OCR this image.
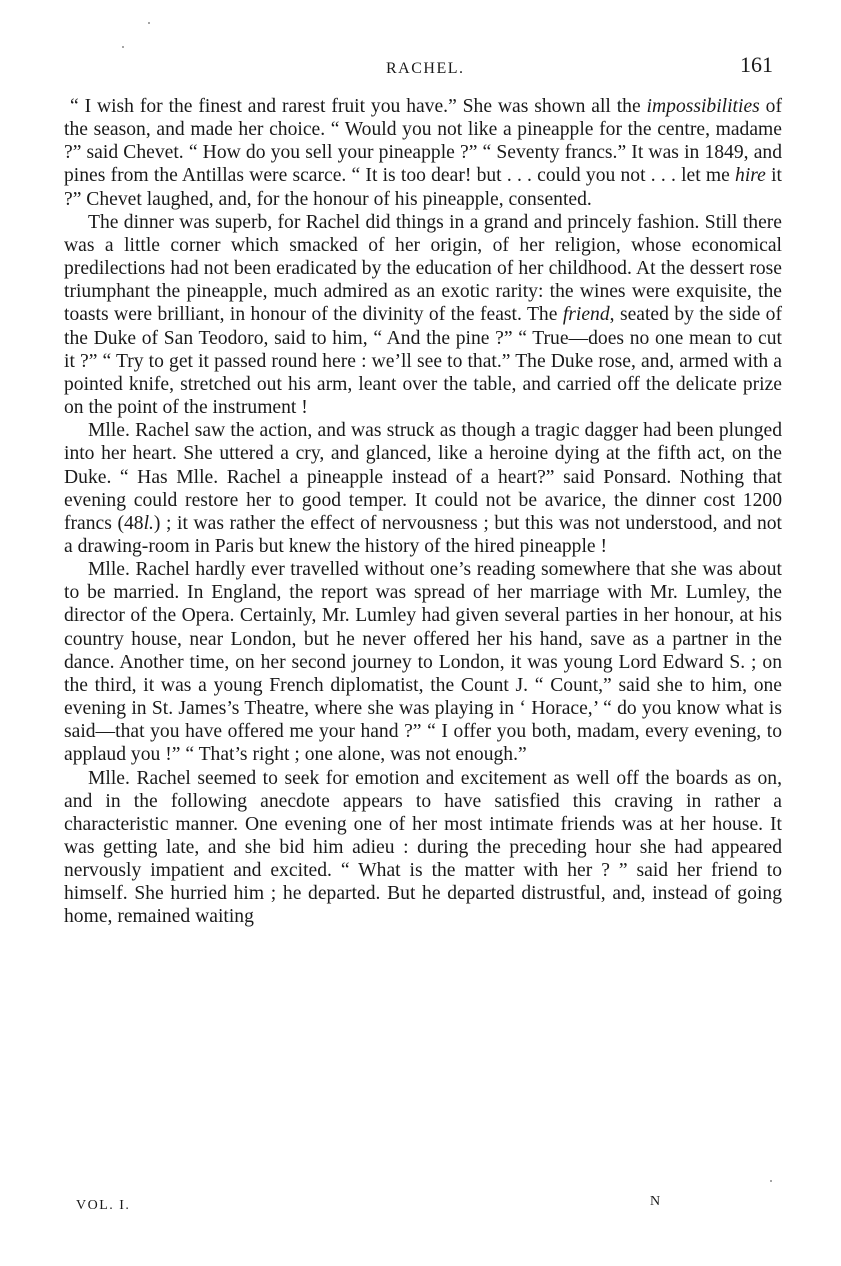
RACHEL.	161

“ I wish for the finest and rarest fruit you have.” She was shown all the impossibilities of the season, and made her choice. “ Would you not like a pineapple for the centre, madame ?” said Chevet. “ How do you sell your pineapple ?” “ Seventy francs.” It was in 1849, and pines from the Antillas were scarce. “ It is too dear! but . . . could you not . . . let me hire it ?” Chevet laughed, and, for the honour of his pineapple, consented.

The dinner was superb, for Rachel did things in a grand and princely fashion. Still there was a little corner which smacked of her origin, of her religion, whose economical predilections had not been eradicated by the education of her childhood. At the dessert rose triumphant the pineapple, much admired as an exotic rarity: the wines were exquisite, the toasts were brilliant, in honour of the divinity of the feast. The friend, seated by the side of the Duke of San Teodoro, said to him, “ And the pine ?” “ True—does no one mean to cut it ?” “ Try to get it passed round here : we’ll see to that.” The Duke rose, and, armed with a pointed knife, stretched out his arm, leant over the table, and carried off the delicate prize on the point of the instrument !

Mlle. Rachel saw the action, and was struck as though a tragic dagger had been plunged into her heart. She uttered a cry, and glanced, like a heroine dying at the fifth act, on the Duke. “ Has Mlle. Rachel a pineapple instead of a heart?” said Ponsard. Nothing that evening could restore her to good temper. It could not be avarice, the dinner cost 1200 francs (48l.) ; it was rather the effect of nervousness ; but this was not understood, and not a drawing-room in Paris but knew the history of the hired pineapple !

Mlle. Rachel hardly ever travelled without one’s reading somewhere that she was about to be married. In England, the report was spread of her marriage with Mr. Lumley, the director of the Opera. Certainly, Mr. Lumley had given several parties in her honour, at his country house, near London, but he never offered her his hand, save as a partner in the dance. Another time, on her second journey to London, it was young Lord Edward S. ; on the third, it was a young French diplomatist, the Count J. “ Count,” said she to him, one evening in St. James’s Theatre, where she was playing in ‘ Horace,’ “ do you know what is said—that you have offered me your hand ?” “ I offer you both, madam, every evening, to applaud you !” “ That’s right ; one alone, was not enough.”

Mlle. Rachel seemed to seek for emotion and excitement as well off the boards as on, and in the following anecdote appears to have satisfied this craving in rather a characteristic manner. One evening one of her most intimate friends was at her house. It was getting late, and she bid him adieu : during the preceding hour she had appeared nervously impatient and excited. “ What is the matter with her ? ” said her friend to himself. She hurried him ; he departed. But he departed distrustful, and, instead of going home, remained waiting

VOL. I.	N
